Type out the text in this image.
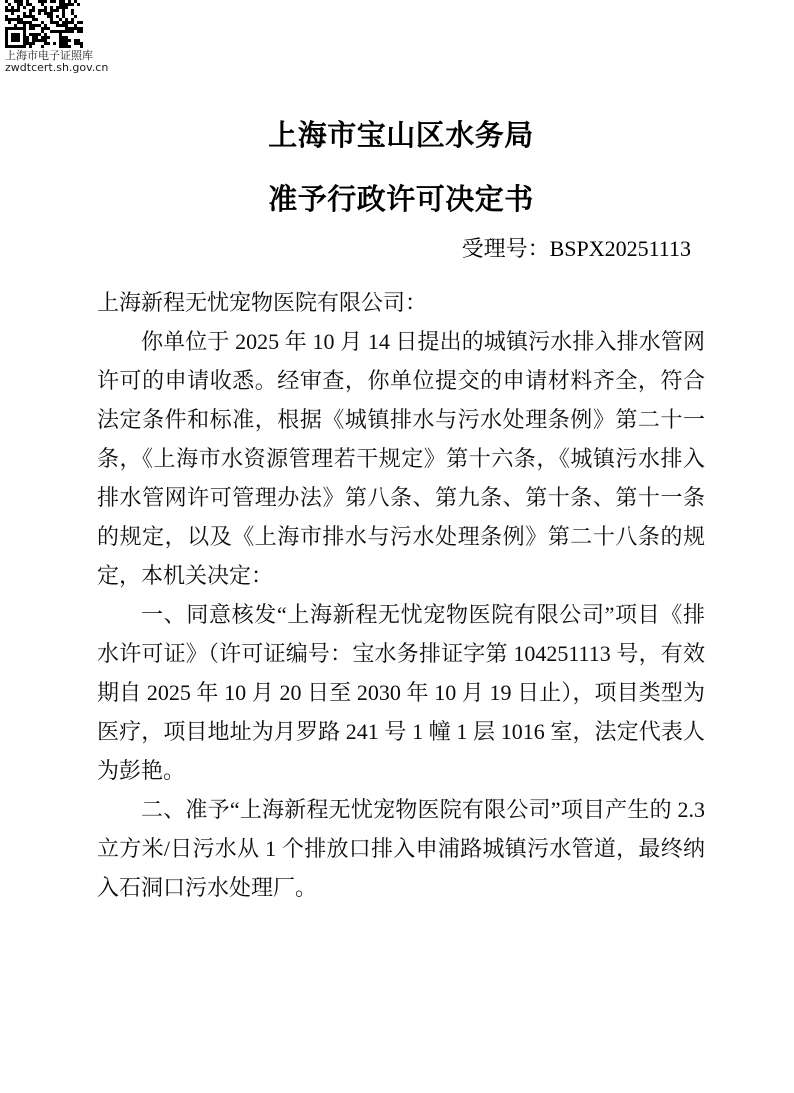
上海市电子证照库
zwdtcert.sh.gov.cn
上海市宝山区水务局
准予行政许可决定书
受理号：BSPX20251113

上海新程无忧宠物医院有限公司：

你单位于 2025 年 10 月 14 日提出的城镇污水排入排水管网许可的申请收悉。经审查，你单位提交的申请材料齐全，符合法定条件和标准，根据《城镇排水与污水处理条例》第二十一条，《上海市水资源管理若干规定》第十六条，《城镇污水排入排水管网许可管理办法》第八条、第九条、第十条、第十一条的规定，以及《上海市排水与污水处理条例》第二十八条的规定，本机关决定：

一、同意核发“上海新程无忧宠物医院有限公司”项目《排水许可证》（许可证编号：宝水务排证字第 104251113 号，有效期自 2025 年 10 月 20 日至 2030 年 10 月 19 日止），项目类型为医疗，项目地址为月罗路 241 号 1 幢 1 层 1016 室，法定代表人为彭艳。

二、准予“上海新程无忧宠物医院有限公司”项目产生的 2.3 立方米/日污水从 1 个排放口排入申浦路城镇污水管道，最终纳入石洞口污水处理厂。
